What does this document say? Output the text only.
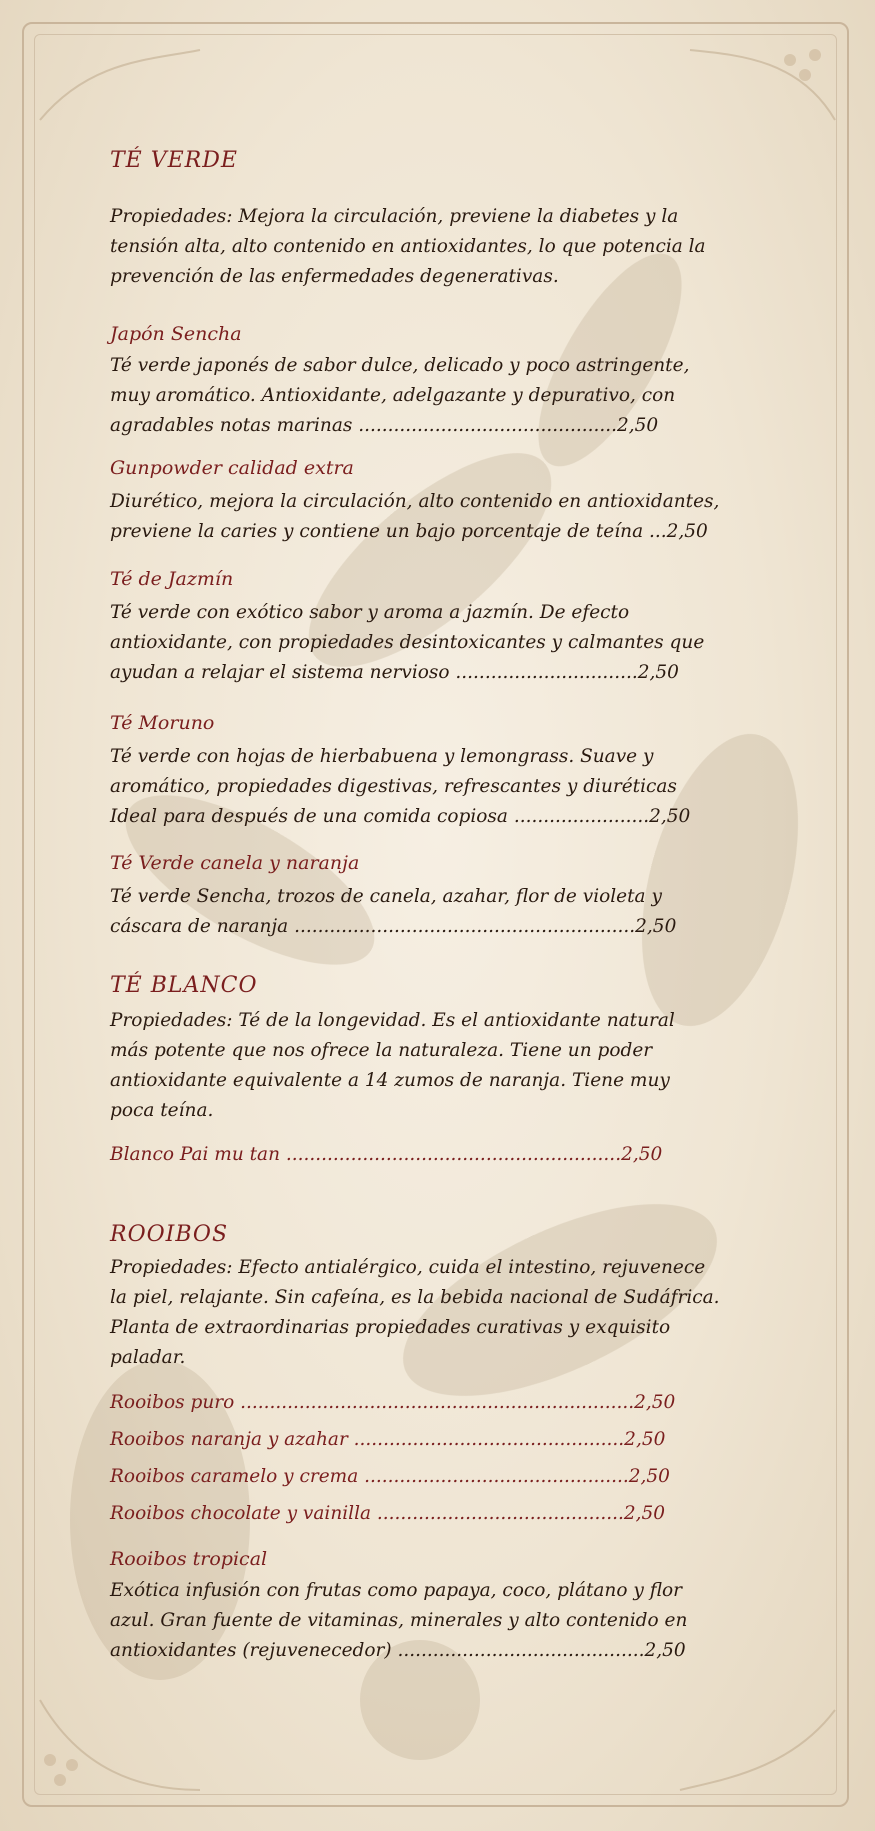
TÉ VERDE

Propiedades: Mejora la circulación, previene la diabetes y la
tensión alta, alto contenido en antioxidantes, lo que potencia la
prevención de las enfermedades degenerativas.

Japón Sencha

Té verde japonés de sabor dulce, delicado y poco astringente,
muy aromático. Antioxidante, adelgazante y depurativo, con
agradables notas marinas ............................................2,50

Gunpowder calidad extra

Diurético, mejora la circulación, alto contenido en antioxidantes,
previene la caries y contiene un bajo porcentaje de teína ...2,50

Té de Jazmín

Té verde con exótico sabor y aroma a jazmín. De efecto
antioxidante, con propiedades desintoxicantes y calmantes que
ayudan a relajar el sistema nervioso ...............................2,50

Té Moruno

Té verde con hojas de hierbabuena y lemongrass. Suave y
aromático, propiedades digestivas, refrescantes y diuréticas
Ideal para después de una comida copiosa .......................2,50

Té Verde canela y naranja

Té verde Sencha, trozos de canela, azahar, flor de violeta y
cáscara de naranja ..........................................................2,50

TÉ BLANCO

Propiedades: Té de la longevidad. Es el antioxidante natural
más potente que nos ofrece la naturaleza. Tiene un poder
antioxidante equivalente a 14 zumos de naranja. Tiene muy
poca teína.

Blanco Pai mu tan .........................................................2,50

ROOIBOS

Propiedades: Efecto antialérgico, cuida el intestino, rejuvenece
la piel, relajante. Sin cafeína, es la bebida nacional de Sudáfrica.
Planta de extraordinarias propiedades curativas y exquisito
paladar.

Rooibos puro ...................................................................2,50
Rooibos naranja y azahar ..............................................2,50
Rooibos caramelo y crema .............................................2,50
Rooibos chocolate y vainilla ..........................................2,50

Rooibos tropical

Exótica infusión con frutas como papaya, coco, plátano y flor
azul. Gran fuente de vitaminas, minerales y alto contenido en
antioxidantes (rejuvenecedor) ..........................................2,50
